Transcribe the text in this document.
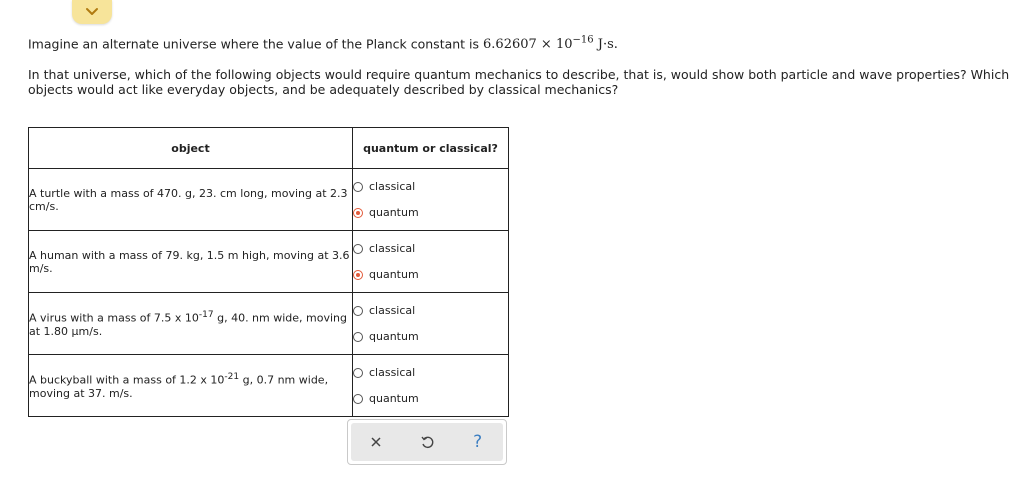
Imagine an alternate universe where the value of the Planck constant is $6.62607 \times 10^{-16}$ J·s.
In that universe, which of the following objects would require quantum mechanics to describe, that is, would show both particle and wave properties? Which objects would act like everyday objects, and be adequately described by classical mechanics?
object	quantum or classical?
A turtle with a mass of 470. g, 23. cm long, moving at 2.3 cm/s.	classical
quantum

A human with a mass of 79. kg, 1.5 m high, moving at 3.6 m/s.	classical
quantum

A virus with a mass of 7.5 x $10^{-17}$ g, 40. nm wide, moving at 1.80 μm/s.	classical
quantum

A buckyball with a mass of 1.2 x $10^{-21}$ g, 0.7 nm wide, moving at 37. m/s.	classical
quantum
?
